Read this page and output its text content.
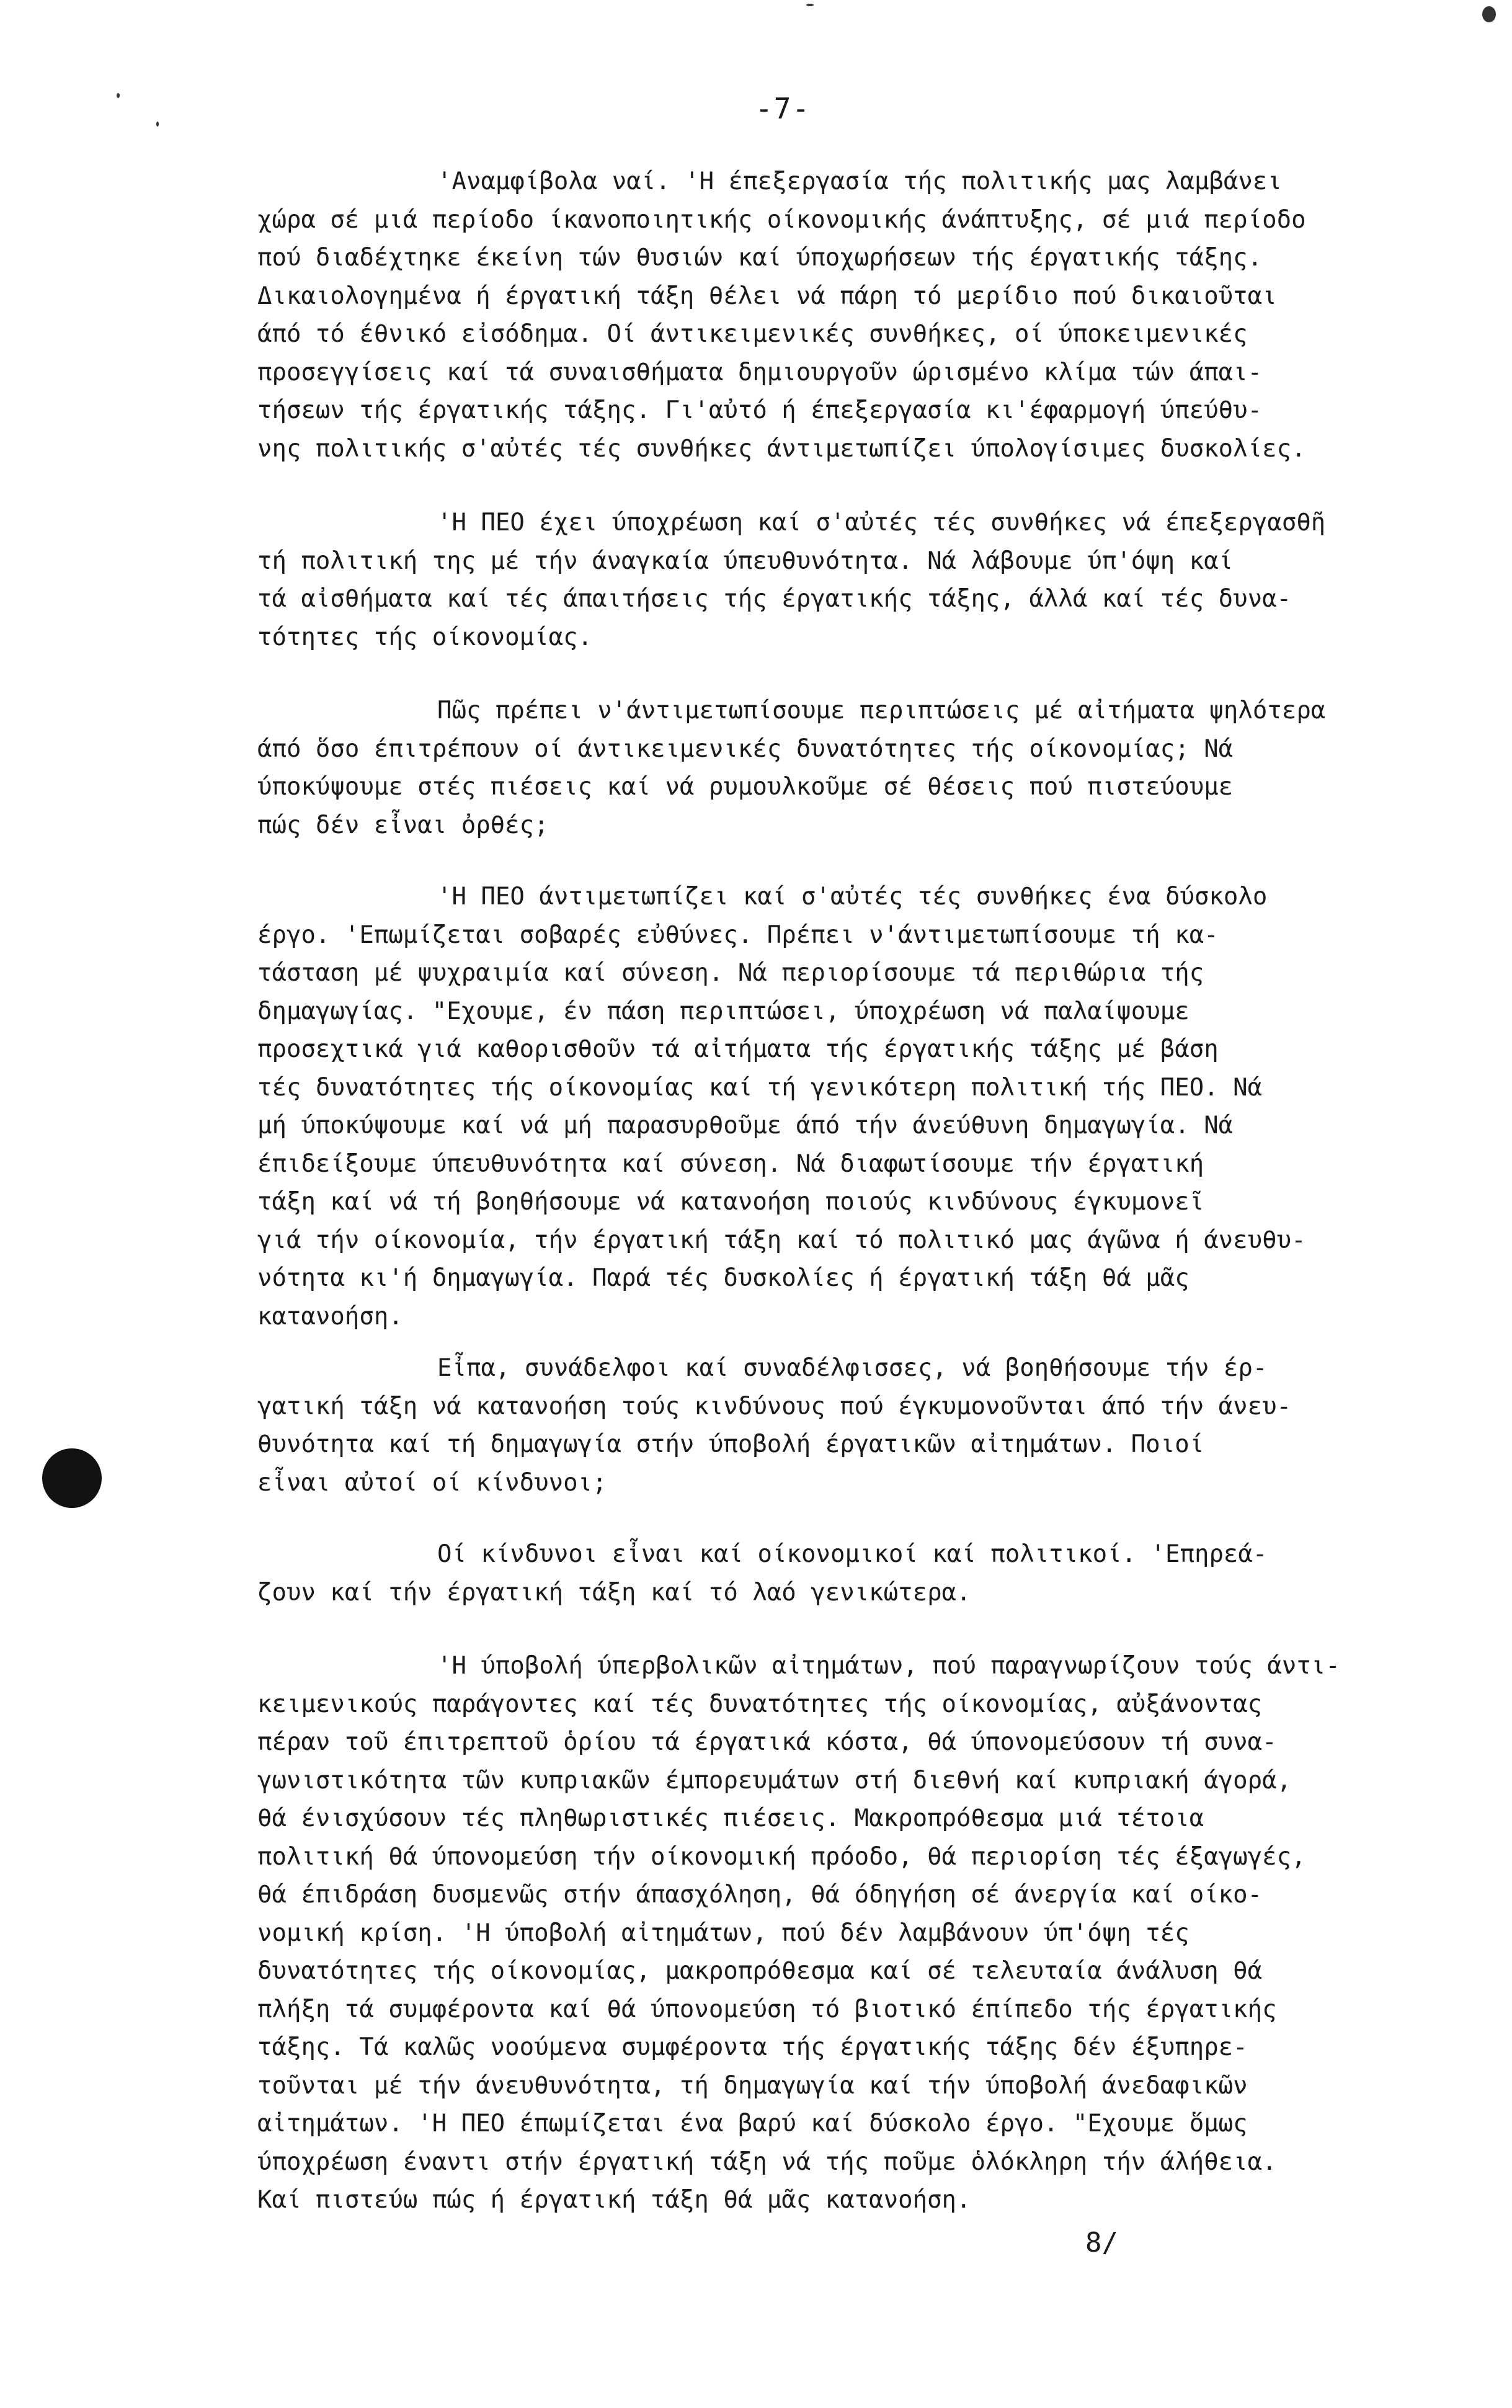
-7-
'Αναμφίβολα ναί. 'Η έπεξεργασία τής πολιτικής μας λαμβάνει
χώρα σέ μιά περίοδο ίκανοποιητικής οίκονομικής άνάπτυξης, σέ μιά περίοδο
πού διαδέχτηκε έκείνη τών θυσιών καί ύποχωρήσεων τής έργατικής τάξης.
Δικαιολογημένα ή έργατική τάξη θέλει νά πάρη τό μερίδιο πού δικαιοῦται
άπό τό έθνικό εἰσόδημα. Οί άντικειμενικές συνθήκες, οί ύποκειμενικές
προσεγγίσεις καί τά συναισθήματα δημιουργοῦν ώρισμένο κλίμα τών άπαι-
τήσεων τής έργατικής τάξης. Γι'αὐτό ή έπεξεργασία κι'έφαρμογή ύπεύθυ-
νης πολιτικής σ'αὐτές τές συνθήκες άντιμετωπίζει ύπολογίσιμες δυσκολίες.
'Η ΠΕΟ έχει ύποχρέωση καί σ'αὐτές τές συνθήκες νά έπεξεργασθῆ
τή πολιτική της μέ τήν άναγκαία ύπευθυνότητα. Νά λάβουμε ύπ'όψη καί
τά αἰσθήματα καί τές άπαιτήσεις τής έργατικής τάξης, άλλά καί τές δυνα-
τότητες τής οίκονομίας.
Πῶς πρέπει ν'άντιμετωπίσουμε περιπτώσεις μέ αἰτήματα ψηλότερα
άπό ὅσο έπιτρέπουν οί άντικειμενικές δυνατότητες τής οίκονομίας; Νά
ύποκύψουμε στές πιέσεις καί νά ρυμουλκοῦμε σέ θέσεις πού πιστεύουμε
πώς δέν εἶναι ὀρθές;
'Η ΠΕΟ άντιμετωπίζει καί σ'αὐτές τές συνθήκες ένα δύσκολο
έργο. 'Επωμίζεται σοβαρές εὐθύνες. Πρέπει ν'άντιμετωπίσουμε τή κα-
τάσταση μέ ψυχραιμία καί σύνεση. Νά περιορίσουμε τά περιθώρια τής
δημαγωγίας. "Εχουμε, έν πάση περιπτώσει, ύποχρέωση νά παλαίψουμε
προσεχτικά γιά καθορισθοῦν τά αἰτήματα τής έργατικής τάξης μέ βάση
τές δυνατότητες τής οίκονομίας καί τή γενικότερη πολιτική τής ΠΕΟ. Νά
μή ύποκύψουμε καί νά μή παρασυρθοῦμε άπό τήν άνεύθυνη δημαγωγία. Νά
έπιδείξουμε ύπευθυνότητα καί σύνεση. Νά διαφωτίσουμε τήν έργατική
τάξη καί νά τή βοηθήσουμε νά κατανοήση ποιούς κινδύνους έγκυμονεῖ
γιά τήν οίκονομία, τήν έργατική τάξη καί τό πολιτικό μας άγῶνα ή άνευθυ-
νότητα κι'ή δημαγωγία. Παρά τές δυσκολίες ή έργατική τάξη θά μᾶς
κατανοήση.
Εἶπα, συνάδελφοι καί συναδέλφισσες, νά βοηθήσουμε τήν έρ-
γατική τάξη νά κατανοήση τούς κινδύνους πού έγκυμονοῦνται άπό τήν άνευ-
θυνότητα καί τή δημαγωγία στήν ύποβολή έργατικῶν αἰτημάτων. Ποιοί
εἶναι αὐτοί οί κίνδυνοι;
Οί κίνδυνοι εἶναι καί οίκονομικοί καί πολιτικοί. 'Επηρεά-
ζουν καί τήν έργατική τάξη καί τό λαό γενικώτερα.
'Η ύποβολή ύπερβολικῶν αἰτημάτων, πού παραγνωρίζουν τούς άντι-
κειμενικούς παράγοντες καί τές δυνατότητες τής οίκονομίας, αὐξάνοντας
πέραν τοῦ έπιτρεπτοῦ ὁρίου τά έργατικά κόστα, θά ύπονομεύσουν τή συνα-
γωνιστικότητα τῶν κυπριακῶν έμπορευμάτων στή διεθνή καί κυπριακή άγορά,
θά ένισχύσουν τές πληθωριστικές πιέσεις. Μακροπρόθεσμα μιά τέτοια
πολιτική θά ύπονομεύση τήν οίκονομική πρόοδο, θά περιορίση τές έξαγωγές,
θά έπιδράση δυσμενῶς στήν άπασχόληση, θά όδηγήση σέ άνεργία καί οίκο-
νομική κρίση. 'Η ύποβολή αἰτημάτων, πού δέν λαμβάνουν ύπ'όψη τές
δυνατότητες τής οίκονομίας, μακροπρόθεσμα καί σέ τελευταία άνάλυση θά
πλήξη τά συμφέροντα καί θά ύπονομεύση τό βιοτικό έπίπεδο τής έργατικής
τάξης. Τά καλῶς νοούμενα συμφέροντα τής έργατικής τάξης δέν έξυπηρε-
τοῦνται μέ τήν άνευθυνότητα, τή δημαγωγία καί τήν ύποβολή άνεδαφικῶν
αἰτημάτων. 'Η ΠΕΟ έπωμίζεται ένα βαρύ καί δύσκολο έργο. "Εχουμε ὅμως
ύποχρέωση έναντι στήν έργατική τάξη νά τής ποῦμε ὁλόκληρη τήν άλήθεια.
Καί πιστεύω πώς ή έργατική τάξη θά μᾶς κατανοήση.
8/
